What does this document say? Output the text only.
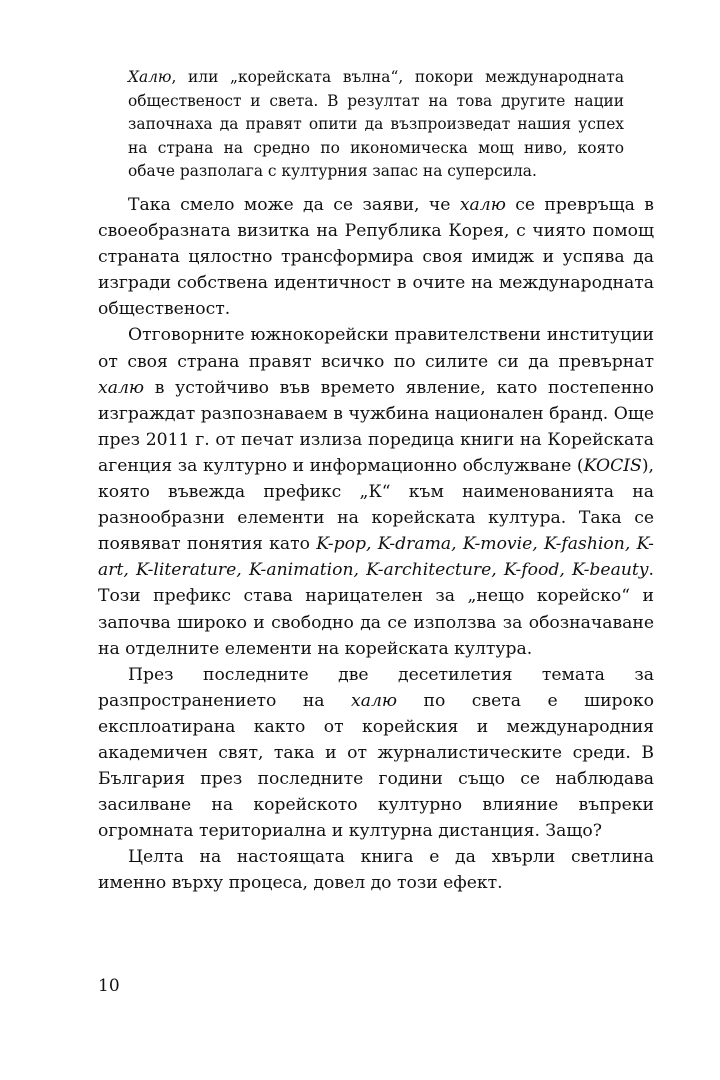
Халю, или „корейската вълна“, покори международната общественост и света. В резултат на това другите нации започнаха да правят опити да възпроизведат нашия успех на страна на средно по икономическа мощ ниво, която обаче разполага с културния запас на суперсила.

Така смело може да се заяви, че халю се превръща в своеобразната визитка на Република Корея, с чиято помощ страната цялостно трансформира своя имидж и успява да изгради собствена идентичност в очите на международната общественост.

Отговорните южнокорейски правителствени институции от своя страна правят всичко по силите си да превърнат халю в устойчиво във времето явление, като постепенно изграждат разпознаваем в чужбина национален бранд. Още през 2011 г. от печат излиза поредица книги на Корейската агенция за културно и информационно обслужване (KOCIS), която въвежда префикс „К“ към наименованията на разнообразни елементи на корейската култура. Така се появяват понятия като K-pop, K-drama, K-movie, K-fashion, K-art, K-literature, K-animation, K-architecture, K-food, K-beauty. Този префикс става нарицателен за „нещо корейско“ и започва широко и свободно да се използва за обозначаване на отделните елементи на корейската култура.

През последните две десетилетия темата за разпространението на халю по света е широко експлоатирана както от корейския и международния академичен свят, така и от журналистическите среди. В България през последните години също се наблюдава засилване на корейското културно влияние въпреки огромната териториална и културна дистанция. Защо?

Целта на настоящата книга е да хвърли светлина именно върху процеса, довел до този ефект.

10
